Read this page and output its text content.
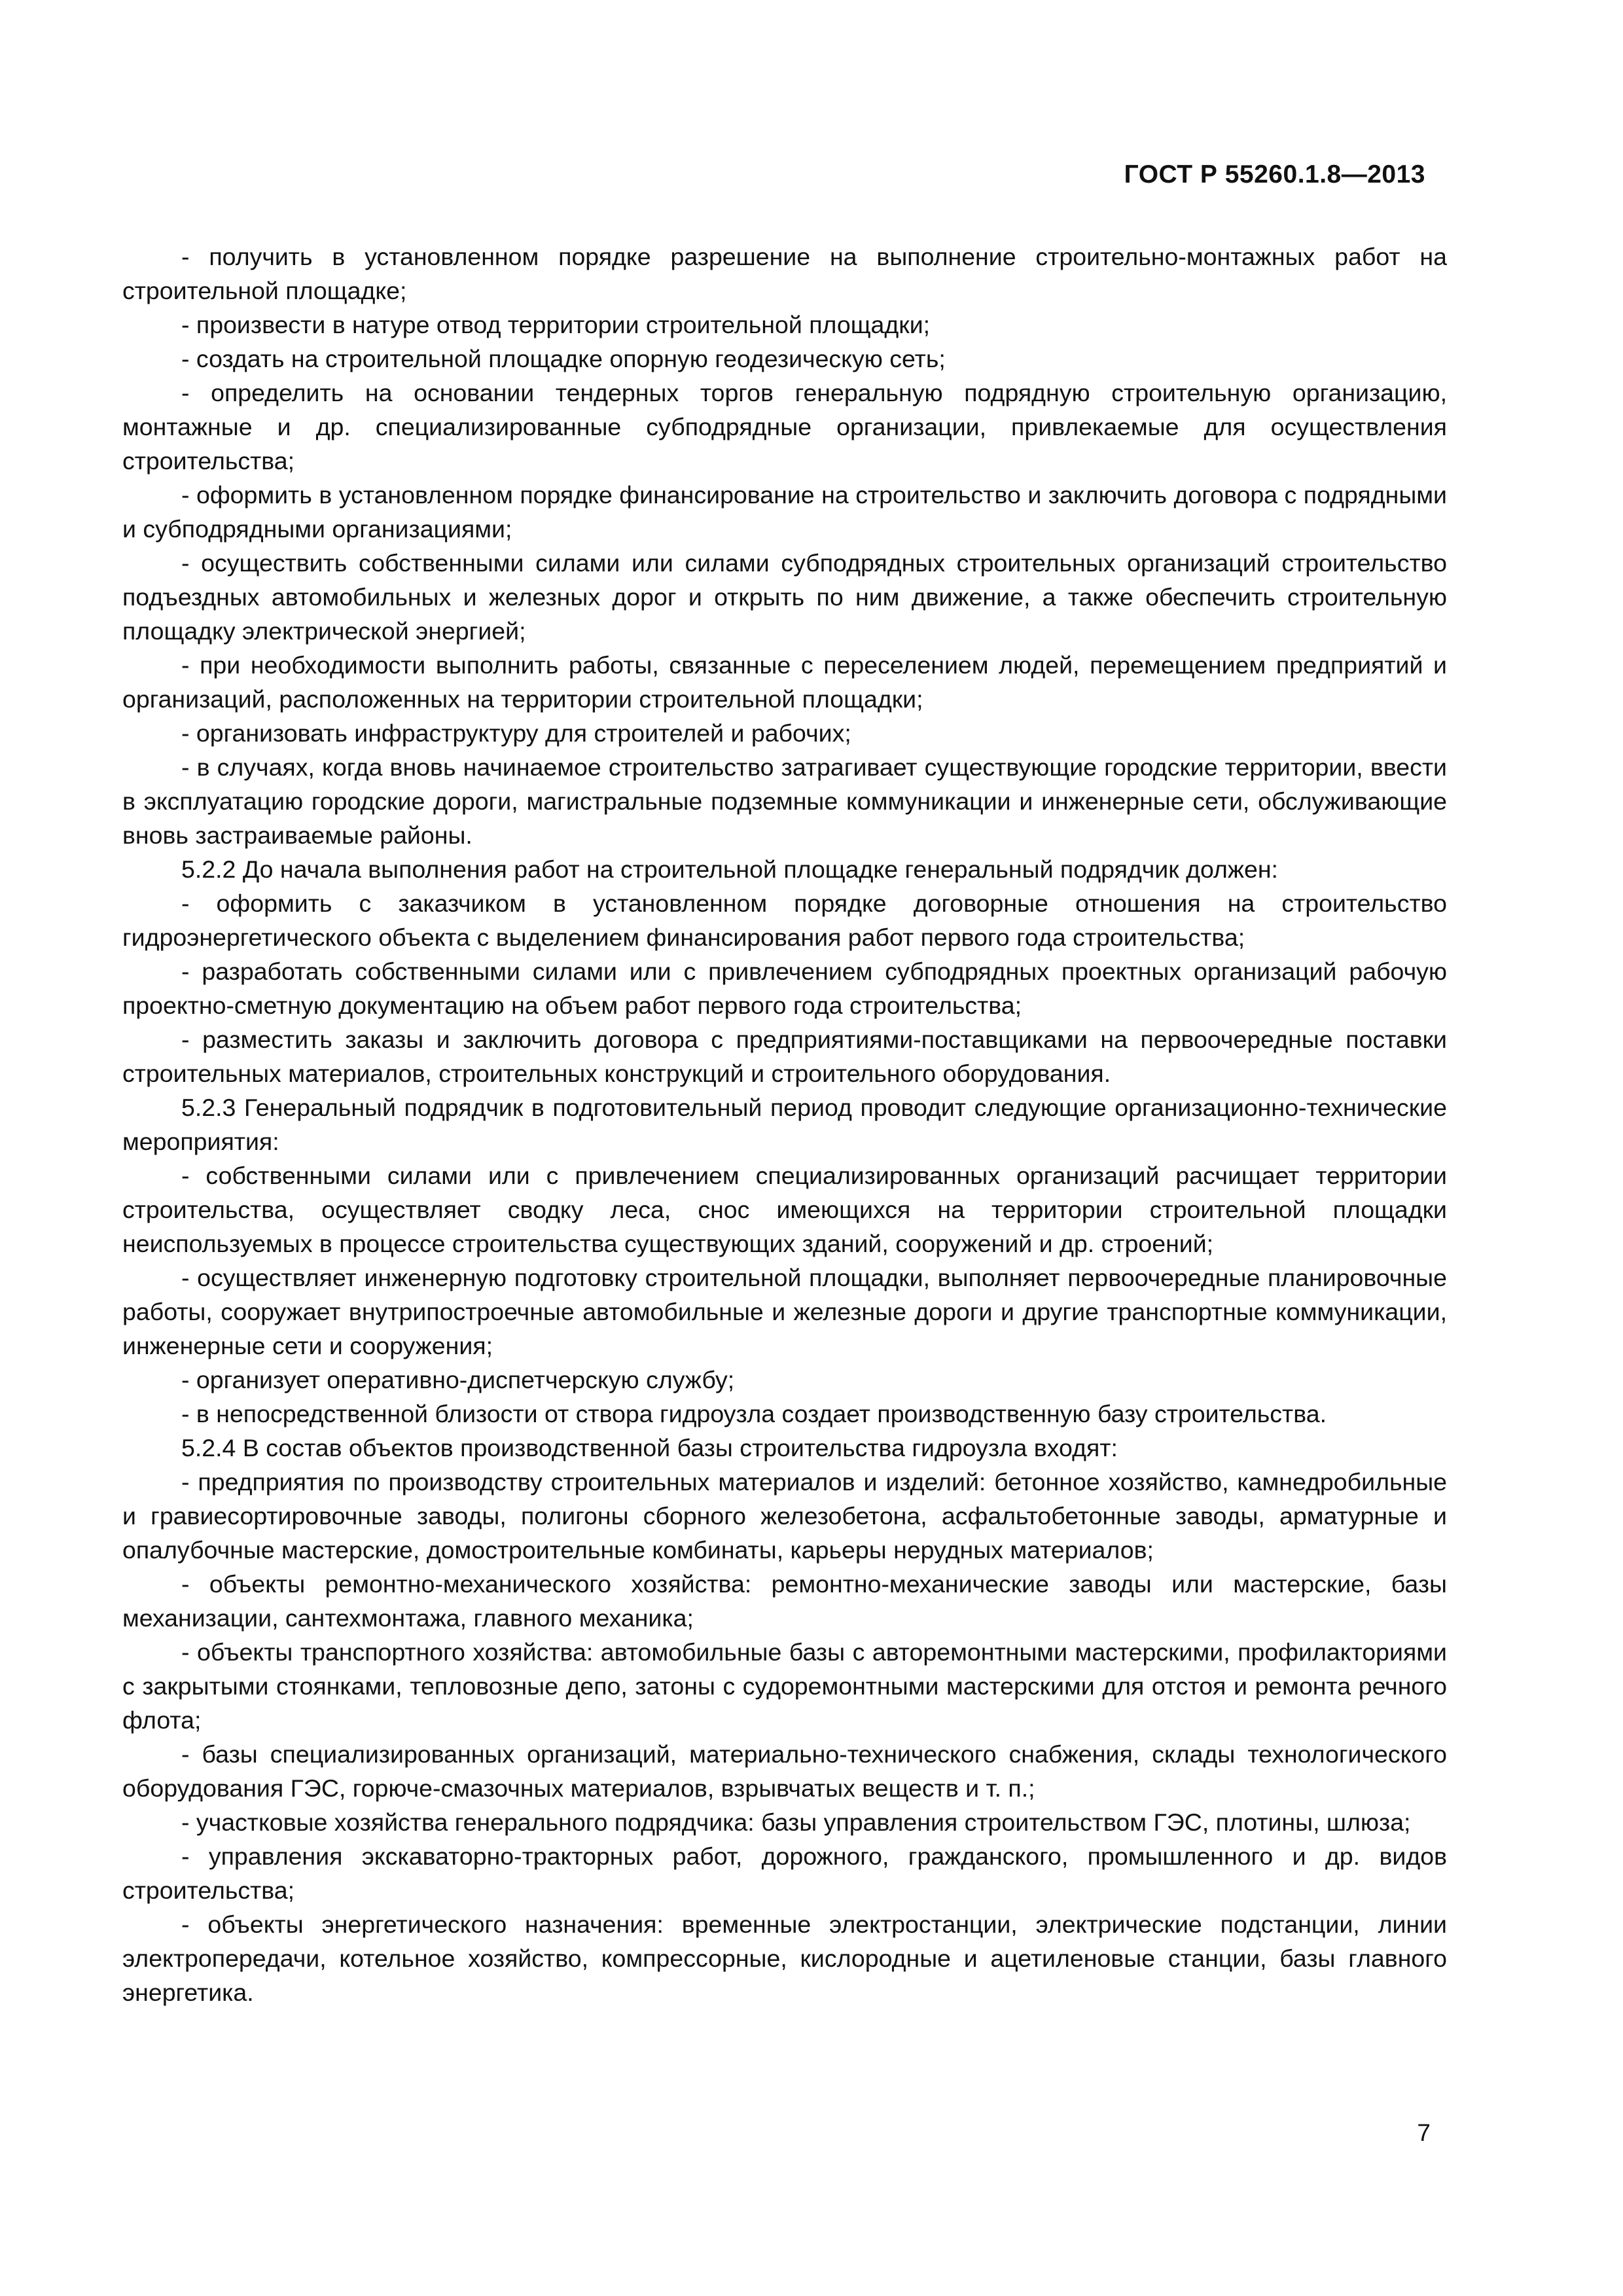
ГОСТ Р 55260.1.8—2013

- получить в установленном порядке разрешение на выполнение строительно-монтажных работ на строительной площадке;

- произвести в натуре отвод территории строительной площадки;

- создать на строительной площадке опорную геодезическую сеть;

- определить на основании тендерных торгов генеральную подрядную строительную организацию, монтажные и др. специализированные субподрядные организации, привлекаемые для осуществления строительства;

- оформить в установленном порядке финансирование на строительство и заключить договора с подрядными и субподрядными организациями;

- осуществить собственными силами или силами субподрядных строительных организаций строительство подъездных автомобильных и железных дорог и открыть по ним движение, а также обеспечить строительную площадку электрической энергией;

- при необходимости выполнить работы, связанные с переселением людей, перемещением предприятий и организаций, расположенных на территории строительной площадки;

- организовать инфраструктуру для строителей и рабочих;

- в случаях, когда вновь начинаемое строительство затрагивает существующие городские территории, ввести в эксплуатацию городские дороги, магистральные подземные коммуникации и инженерные сети, обслуживающие вновь застраиваемые районы.

5.2.2 До начала выполнения работ на строительной площадке генеральный подрядчик должен:

- оформить с заказчиком в установленном порядке договорные отношения на строительство гидроэнергетического объекта с выделением финансирования работ первого года строительства;

- разработать собственными силами или с привлечением субподрядных проектных организаций рабочую проектно-сметную документацию на объем работ первого года строительства;

- разместить заказы и заключить договора с предприятиями-поставщиками на первоочередные поставки строительных материалов, строительных конструкций и строительного оборудования.

5.2.3 Генеральный подрядчик в подготовительный период проводит следующие организационно-технические мероприятия:

- собственными силами или с привлечением специализированных организаций расчищает территории строительства, осуществляет сводку леса, снос имеющихся на территории строительной площадки неиспользуемых в процессе строительства существующих зданий, сооружений и др. строений;

- осуществляет инженерную подготовку строительной площадки, выполняет первоочередные планировочные работы, сооружает внутрипостроечные автомобильные и железные дороги и другие транспортные коммуникации, инженерные сети и сооружения;

- организует оперативно-диспетчерскую службу;

- в непосредственной близости от створа гидроузла создает производственную базу строительства.

5.2.4 В состав объектов производственной базы строительства гидроузла входят:

- предприятия по производству строительных материалов и изделий: бетонное хозяйство, камнедробильные и гравиесортировочные заводы, полигоны сборного железобетона, асфальтобетонные заводы, арматурные и опалубочные мастерские, домостроительные комбинаты, карьеры нерудных материалов;

- объекты ремонтно-механического хозяйства: ремонтно-механические заводы или мастерские, базы механизации, сантехмонтажа, главного механика;

- объекты транспортного хозяйства: автомобильные базы с авторемонтными мастерскими, профилакториями с закрытыми стоянками, тепловозные депо, затоны с судоремонтными мастерскими для отстоя и ремонта речного флота;

- базы специализированных организаций, материально-технического снабжения, склады технологического оборудования ГЭС, горюче-смазочных материалов, взрывчатых веществ и т. п.;

- участковые хозяйства генерального подрядчика: базы управления строительством ГЭС, плотины, шлюза;

- управления экскаваторно-тракторных работ, дорожного, гражданского, промышленного и др. видов строительства;

- объекты энергетического назначения: временные электростанции, электрические подстанции, линии электропередачи, котельное хозяйство, компрессорные, кислородные и ацетиленовые станции, базы главного энергетика.

7
